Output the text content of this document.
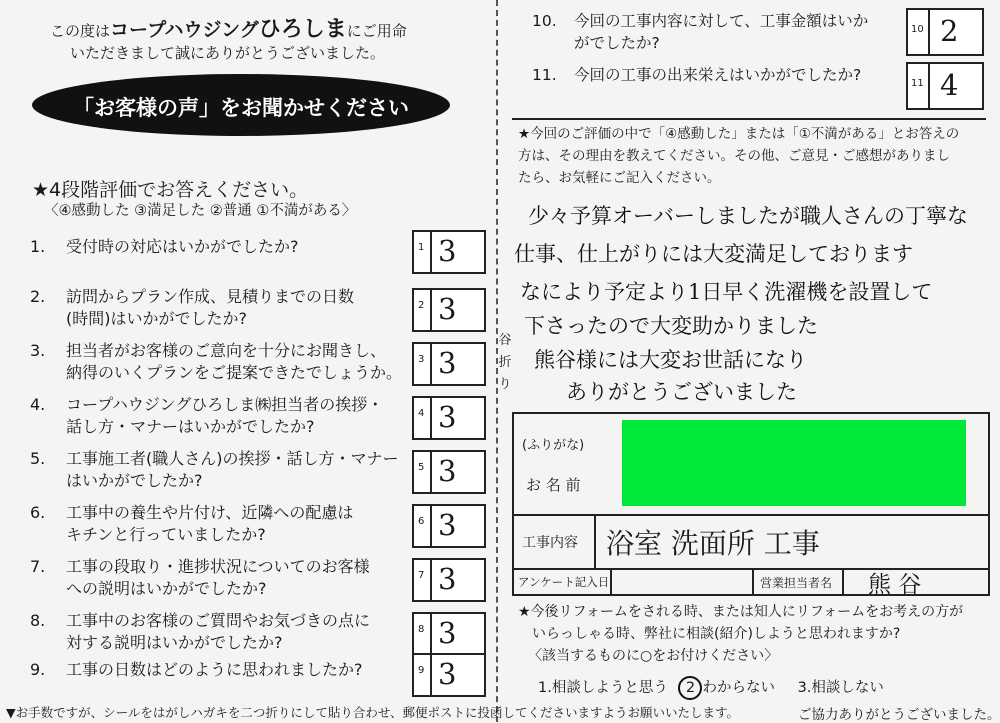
この度はコープハウジングひろしまにご用命
いただきまして誠にありがとうございました。
「お客様の声」をお聞かせください
★4段階評価でお答えください。
〈④感動した ③満足した ②普通 ①不満がある〉
1. 受付時の対応はいかがでしたか?	1 3
2. 訪問からプラン作成、見積りまでの日数
(時間)はいかがでしたか?
2 3
3. 担当者がお客様のご意向を十分にお聞きし、
納得のいくプランをご提案できたでしょうか。
3 3
4. コープハウジングひろしま㈱担当者の挨拶・
話し方・マナーはいかがでしたか?
4 3
5. 工事施工者(職人さん)の挨拶・話し方・マナー
はいかがでしたか?
5 3
6. 工事中の養生や片付け、近隣への配慮は
キチンと行っていましたか?
6 3
7. 工事の段取り・進捗状況についてのお客様
への説明はいかがでしたか?
7 3
8. 工事中のお客様のご質問やお気づきの点に
対する説明はいかがでしたか?
8 3
9. 工事の日数はどのように思われましたか?	9 3
谷
折
り
10. 今回の工事内容に対して、工事金額はいか
がでしたか?
10 2
11. 今回の工事の出来栄えはいかがでしたか?	11 4
★今回のご評価の中で「④感動した」または「①不満がある」とお答えの
方は、その理由を教えてください。その他、ご意見・ご感想がありまし
たら、お気軽にご記入ください。
少々予算オーバーしましたが職人さんの丁寧な
仕事、仕上がりには大変満足しております
なにより予定より1日早く洗濯機を設置して
下さったので大変助かりました
熊谷様には大変お世話になり
ありがとうございました
(ふりがな)
お 名 前
工事内容 浴室 洗面所 工事
アンケート記入日	営業担当者名 熊 谷
★今後リフォームをされる時、または知人にリフォームをお考えの方が
いらっしゃる時、弊社に相談(紹介)しようと思われますか?
〈該当するものに○をお付けください〉
1.相談しようと思う 2 わからない 3.相談しない
▼お手数ですが、シールをはがしハガキを二つ折りにして貼り合わせ、郵便ポストに投函してくださいますようお願いいたします。	ご協力ありがとうございました。
